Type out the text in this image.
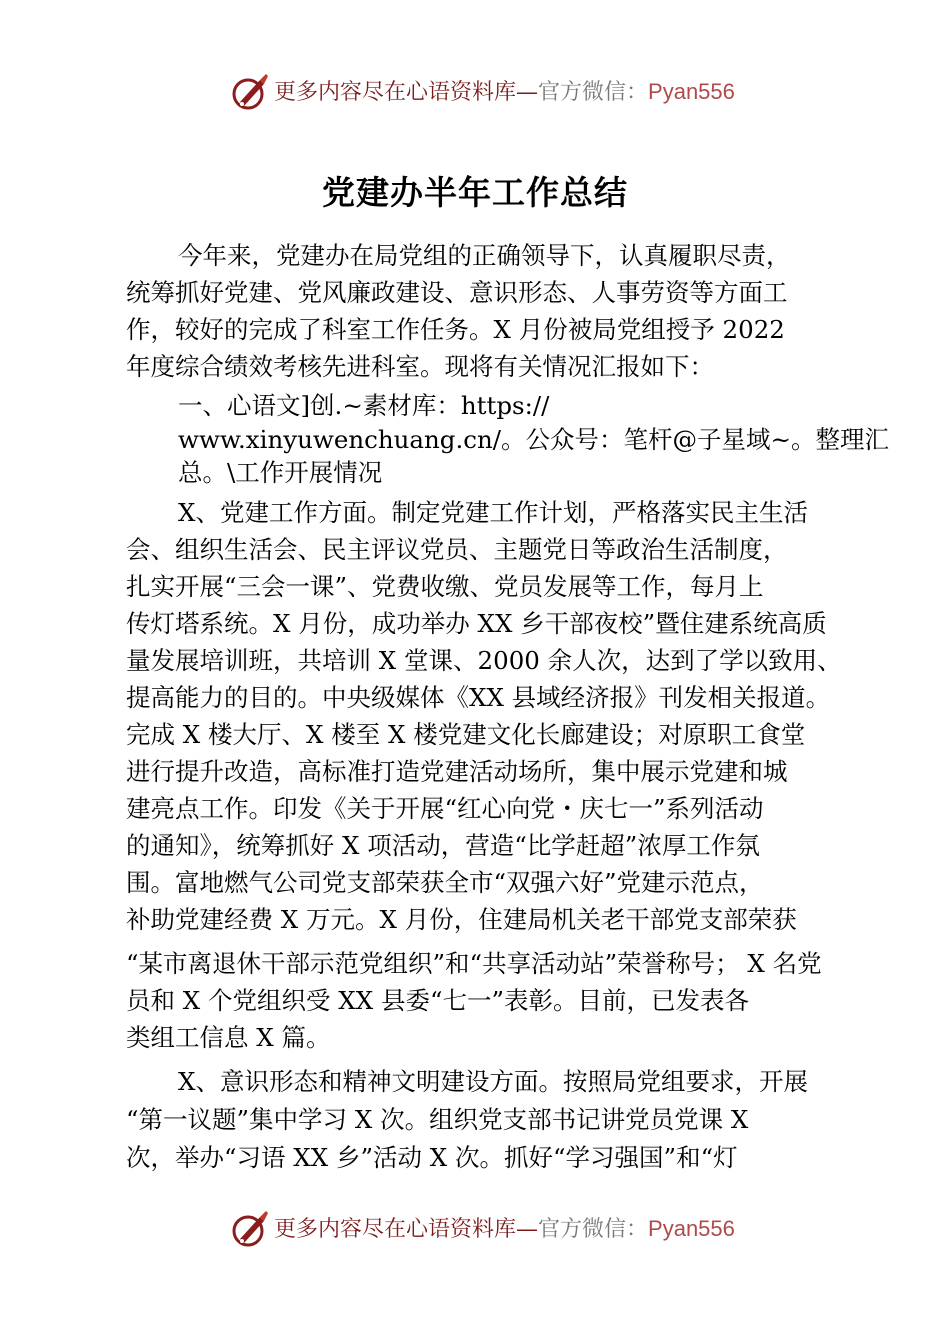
更多内容尽在心语资料库—官方微信：Pyan556
党建办半年工作总结
今年来，党建办在局党组的正确领导下，认真履职尽责，
统筹抓好党建、党风廉政建设、意识形态、人事劳资等方面工
作，较好的完成了科室工作任务。X 月份被局党组授予 2022
年度综合绩效考核先进科室。现将有关情况汇报如下：
一、心语文]创.~素材库：https://
www.xinyuwenchuang.cn/。公众号：笔杆@子星域~。整理汇
总。\工作开展情况
X、党建工作方面。制定党建工作计划，严格落实民主生活
会、组织生活会、民主评议党员、主题党日等政治生活制度，
扎实开展“三会一课”、党费收缴、党员发展等工作，每月上
传灯塔系统。X 月份，成功举办 XX 乡干部夜校”暨住建系统高质
量发展培训班，共培训 X 堂课、2000 余人次，达到了学以致用、
提高能力的目的。中央级媒体《XX 县域经济报》刊发相关报道。
完成 X 楼大厅、X 楼至 X 楼党建文化长廊建设；对原职工食堂
进行提升改造，高标准打造党建活动场所，集中展示党建和城
建亮点工作。印发《关于开展“红心向党・庆七一”系列活动
的通知》，统筹抓好 X 项活动，营造“比学赶超”浓厚工作氛
围。富地燃气公司党支部荣获全市“双强六好”党建示范点，
补助党建经费 X 万元。X 月份，住建局机关老干部党支部荣获
“某市离退休干部示范党组织”和“共享活动站”荣誉称号； X 名党
员和 X 个党组织受 XX 县委“七一”表彰。目前，已发表各
类组工信息 X 篇。
X、意识形态和精神文明建设方面。按照局党组要求，开展
“第一议题”集中学习 X 次。组织党支部书记讲党员党课 X
次，举办“习语 XX 乡”活动 X 次。抓好“学习强国”和“灯
更多内容尽在心语资料库—官方微信：Pyan556
